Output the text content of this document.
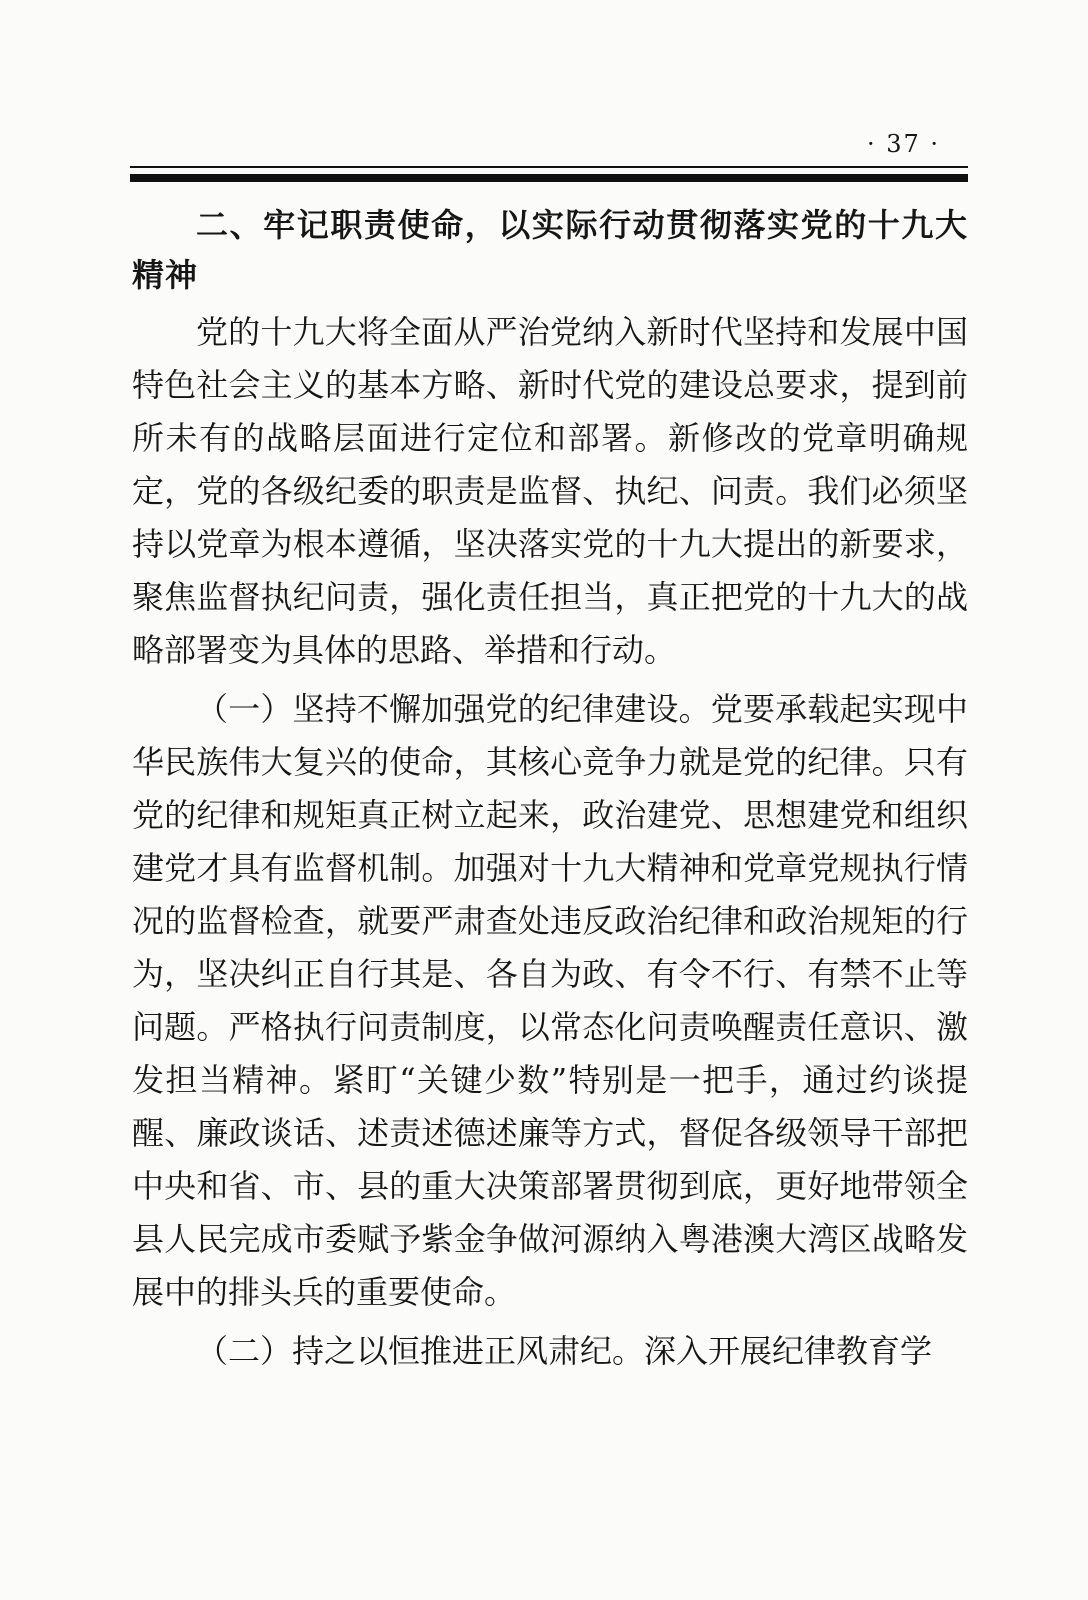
· 37 ·

二、牢记职责使命，以实际行动贯彻落实党的十九大精神

党的十九大将全面从严治党纳入新时代坚持和发展中国特色社会主义的基本方略、新时代党的建设总要求，提到前所未有的战略层面进行定位和部署。新修改的党章明确规定，党的各级纪委的职责是监督、执纪、问责。我们必须坚持以党章为根本遵循，坚决落实党的十九大提出的新要求，聚焦监督执纪问责，强化责任担当，真正把党的十九大的战略部署变为具体的思路、举措和行动。

（一）坚持不懈加强党的纪律建设。党要承载起实现中华民族伟大复兴的使命，其核心竞争力就是党的纪律。只有党的纪律和规矩真正树立起来，政治建党、思想建党和组织建党才具有监督机制。加强对十九大精神和党章党规执行情况的监督检查，就要严肃查处违反政治纪律和政治规矩的行为，坚决纠正自行其是、各自为政、有令不行、有禁不止等问题。严格执行问责制度，以常态化问责唤醒责任意识、激发担当精神。紧盯“关键少数”特别是一把手，通过约谈提醒、廉政谈话、述责述德述廉等方式，督促各级领导干部把中央和省、市、县的重大决策部署贯彻到底，更好地带领全县人民完成市委赋予紫金争做河源纳入粤港澳大湾区战略发展中的排头兵的重要使命。

（二）持之以恒推进正风肃纪。深入开展纪律教育学
